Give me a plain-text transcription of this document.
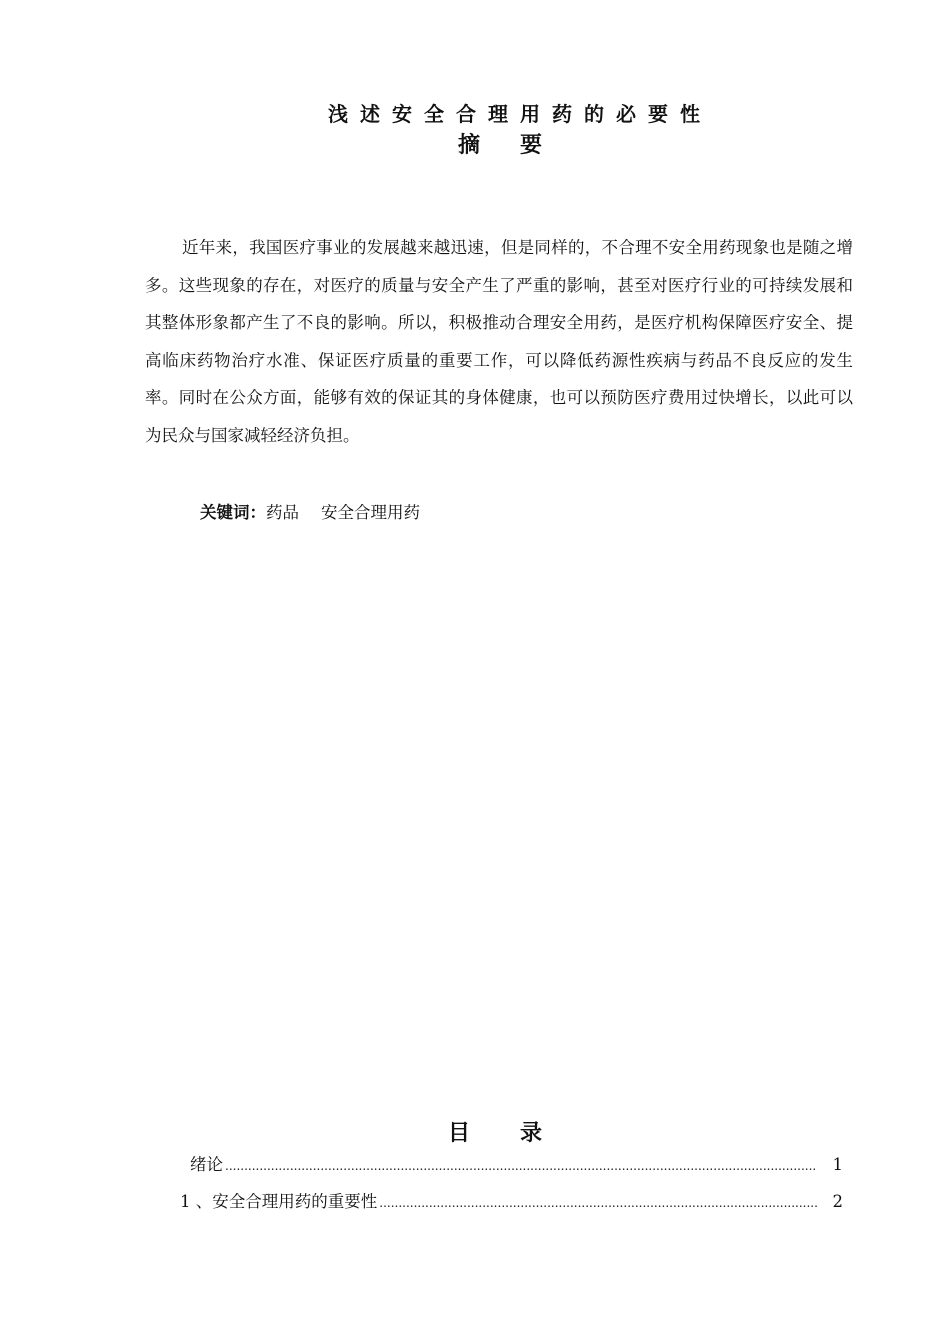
浅述安全合理用药的必要性
摘要

近年来，我国医疗事业的发展越来越迅速，但是同样的，不合理不安全用药现象也是随之增多。这些现象的存在，对医疗的质量与安全产生了严重的影响，甚至对医疗行业的可持续发展和其整体形象都产生了不良的影响。所以，积极推动合理安全用药，是医疗机构保障医疗安全、提高临床药物治疗水准、保证医疗质量的重要工作，可以降低药源性疾病与药品不良反应的发生率。同时在公众方面，能够有效的保证其的身体健康，也可以预防医疗费用过快增长，以此可以为民众与国家减轻经济负担。

关键词：药品 安全合理用药
目录
绪论 .....	1
1 、安全合理用药的重要性 .....	2
